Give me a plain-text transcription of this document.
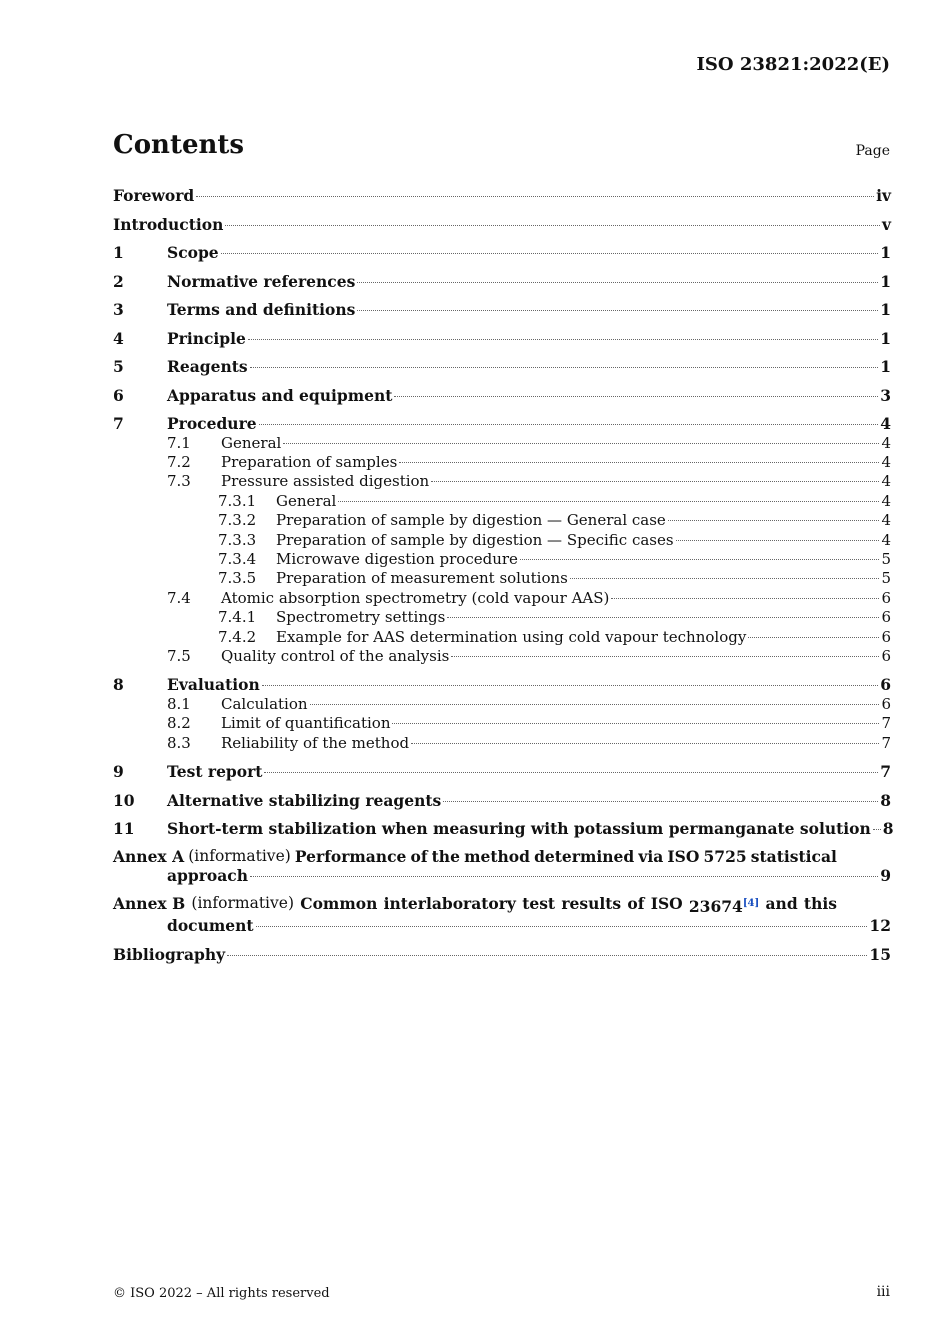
ISO 23821:2022(E)
Contents	Page
Foreword	iv
Introduction	v
1	Scope	1
2	Normative references	1
3	Terms and definitions	1
4	Principle	1
5	Reagents	1
6	Apparatus and equipment	3
7	Procedure	4
7.1	General	4
7.2	Preparation of samples	4
7.3	Pressure assisted digestion	4
7.3.1	General	4
7.3.2	Preparation of sample by digestion — General case	4
7.3.3	Preparation of sample by digestion — Specific cases	4
7.3.4	Microwave digestion procedure	5
7.3.5	Preparation of measurement solutions	5
7.4	Atomic absorption spectrometry (cold vapour AAS)	6
7.4.1	Spectrometry settings	6
7.4.2	Example for AAS determination using cold vapour technology	6
7.5	Quality control of the analysis	6
8	Evaluation	6
8.1	Calculation	6
8.2	Limit of quantification	7
8.3	Reliability of the method	7
9	Test report	7
10	Alternative stabilizing reagents	8
11	Short-term stabilization when measuring with potassium permanganate solution 8
Annex A (informative) Performance of the method determined via ISO 5725 statistical
approach	9
Annex B (informative) Common interlaboratory test results of ISO 23674[4] and this
document	12
Bibliography	15
© ISO 2022 – All rights reserved	iii
